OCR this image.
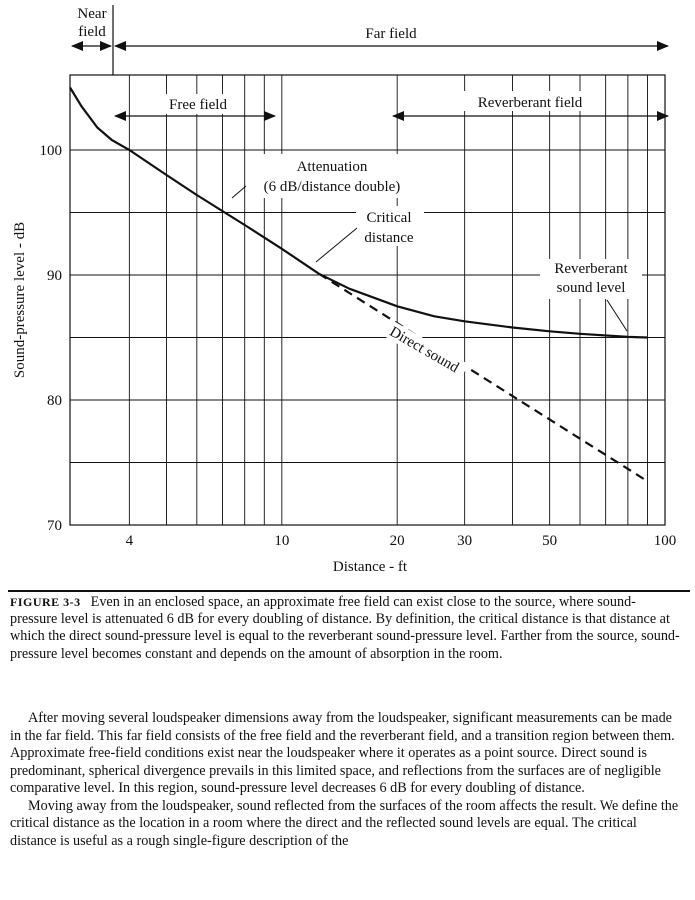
4	10	20	30	50	100
70
80
90
100
Distance - ft
Sound-pressure level - dB
Near
field	Far field
Free field	Reverberant field
Attenuation
(6 dB/distance double)
Critical
distance
Reverberant
sound level
Direct sound
FIGURE 3-3 Even in an enclosed space, an approximate free field can exist close to the source, where sound-pressure level is attenuated 6 dB for every doubling of distance. By definition, the critical distance is that distance at which the direct sound-pressure level is equal to the reverberant sound-pressure level. Farther from the source, sound-pressure level becomes constant and depends on the amount of absorption in the room.

After moving several loudspeaker dimensions away from the loudspeaker, significant measurements can be made in the far field. This far field consists of the free field and the reverberant field, and a transition region between them. Approximate free-field conditions exist near the loudspeaker where it operates as a point source. Direct sound is predominant, spherical divergence prevails in this limited space, and reflections from the surfaces are of negligible comparative level. In this region, sound-pressure level decreases 6 dB for every doubling of distance.

Moving away from the loudspeaker, sound reflected from the surfaces of the room affects the result. We define the critical distance as the location in a room where the direct and the reflected sound levels are equal. The critical distance is useful as a rough single-figure description of the
